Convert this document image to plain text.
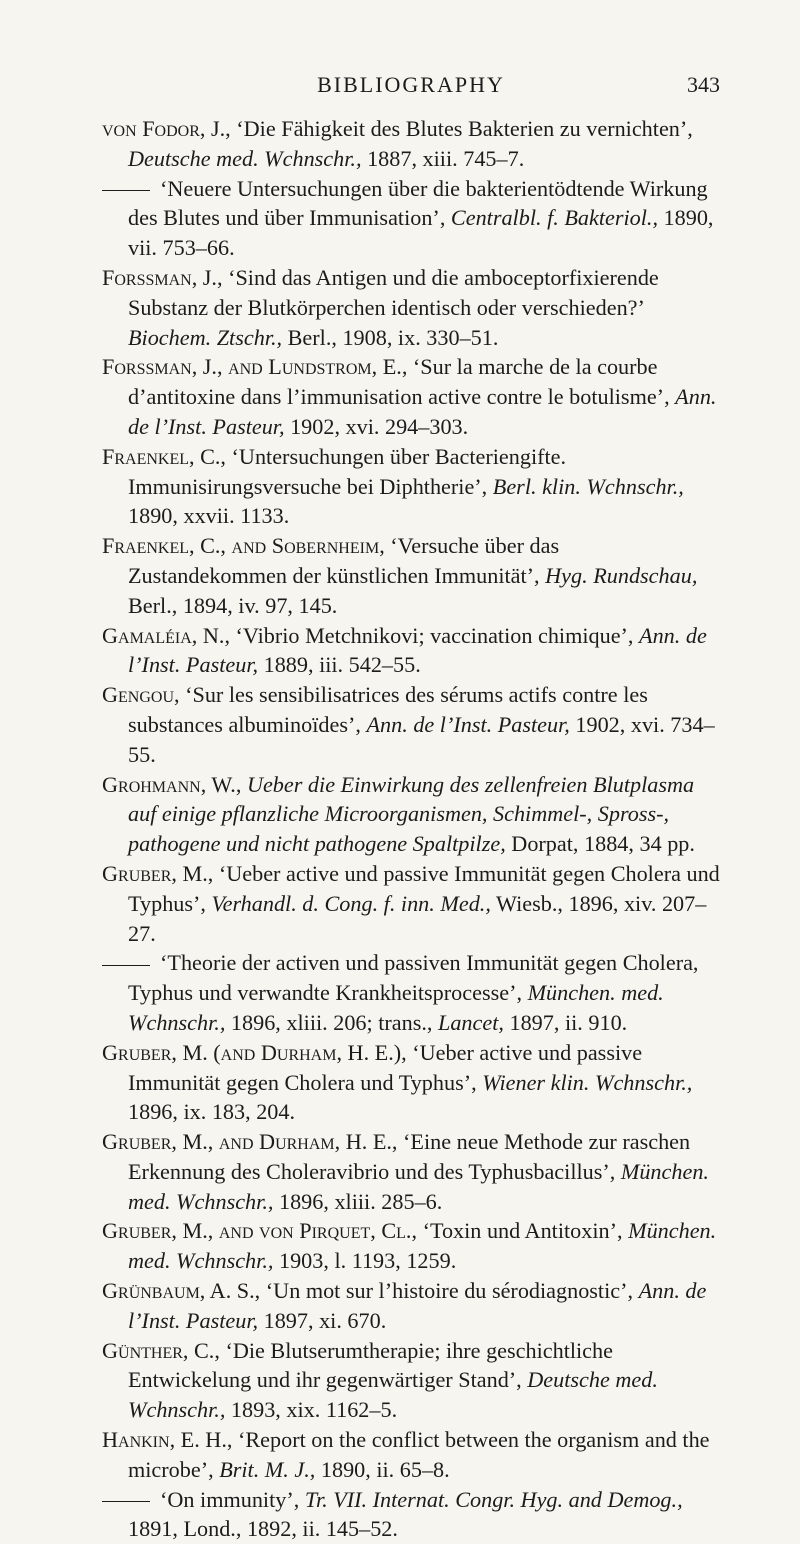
BIBLIOGRAPHY	343

von Fodor, J., ‘Die Fähigkeit des Blutes Bakterien zu vernichten’, Deutsche med. Wchnschr., 1887, xiii. 745–7.

‘Neuere Untersuchungen über die bakterientödtende Wirkung des Blutes und über Immunisation’, Centralbl. f. Bakteriol., 1890, vii. 753–66.

Forssman, J., ‘Sind das Antigen und die amboceptorfixierende Substanz der Blutkörperchen identisch oder verschieden?’ Biochem. Ztschr., Berl., 1908, ix. 330–51.

Forssman, J., and Lundstrom, E., ‘Sur la marche de la courbe d’antitoxine dans l’immunisation active contre le botulisme’, Ann. de l’Inst. Pasteur, 1902, xvi. 294–303.

Fraenkel, C., ‘Untersuchungen über Bacteriengifte. Immunisirungsversuche bei Diphtherie’, Berl. klin. Wchnschr., 1890, xxvii. 1133.

Fraenkel, C., and Sobernheim, ‘Versuche über das Zustandekommen der künstlichen Immunität’, Hyg. Rundschau, Berl., 1894, iv. 97, 145.

Gamaléia, N., ‘Vibrio Metchnikovi; vaccination chimique’, Ann. de l’Inst. Pasteur, 1889, iii. 542–55.

Gengou, ‘Sur les sensibilisatrices des sérums actifs contre les substances albuminoïdes’, Ann. de l’Inst. Pasteur, 1902, xvi. 734–55.

Grohmann, W., Ueber die Einwirkung des zellenfreien Blutplasma auf einige pflanzliche Microorganismen, Schimmel-, Spross-, pathogene und nicht pathogene Spaltpilze, Dorpat, 1884, 34 pp.

Gruber, M., ‘Ueber active und passive Immunität gegen Cholera und Typhus’, Verhandl. d. Cong. f. inn. Med., Wiesb., 1896, xiv. 207–27.

‘Theorie der activen und passiven Immunität gegen Cholera, Typhus und verwandte Krankheitsprocesse’, München. med. Wchnschr., 1896, xliii. 206; trans., Lancet, 1897, ii. 910.

Gruber, M. (and Durham, H. E.), ‘Ueber active und passive Immunität gegen Cholera und Typhus’, Wiener klin. Wchnschr., 1896, ix. 183, 204.

Gruber, M., and Durham, H. E., ‘Eine neue Methode zur raschen Erkennung des Choleravibrio und des Typhusbacillus’, München. med. Wchnschr., 1896, xliii. 285–6.

Gruber, M., and von Pirquet, Cl., ‘Toxin und Antitoxin’, München. med. Wchnschr., 1903, l. 1193, 1259.

Grünbaum, A. S., ‘Un mot sur l’histoire du sérodiagnostic’, Ann. de l’Inst. Pasteur, 1897, xi. 670.

Günther, C., ‘Die Blutserumtherapie; ihre geschichtliche Entwickelung und ihr gegenwärtiger Stand’, Deutsche med. Wchnschr., 1893, xix. 1162–5.

Hankin, E. H., ‘Report on the conflict between the organism and the microbe’, Brit. M. J., 1890, ii. 65–8.

‘On immunity’, Tr. VII. Internat. Congr. Hyg. and Demog., 1891, Lond., 1892, ii. 145–52.
